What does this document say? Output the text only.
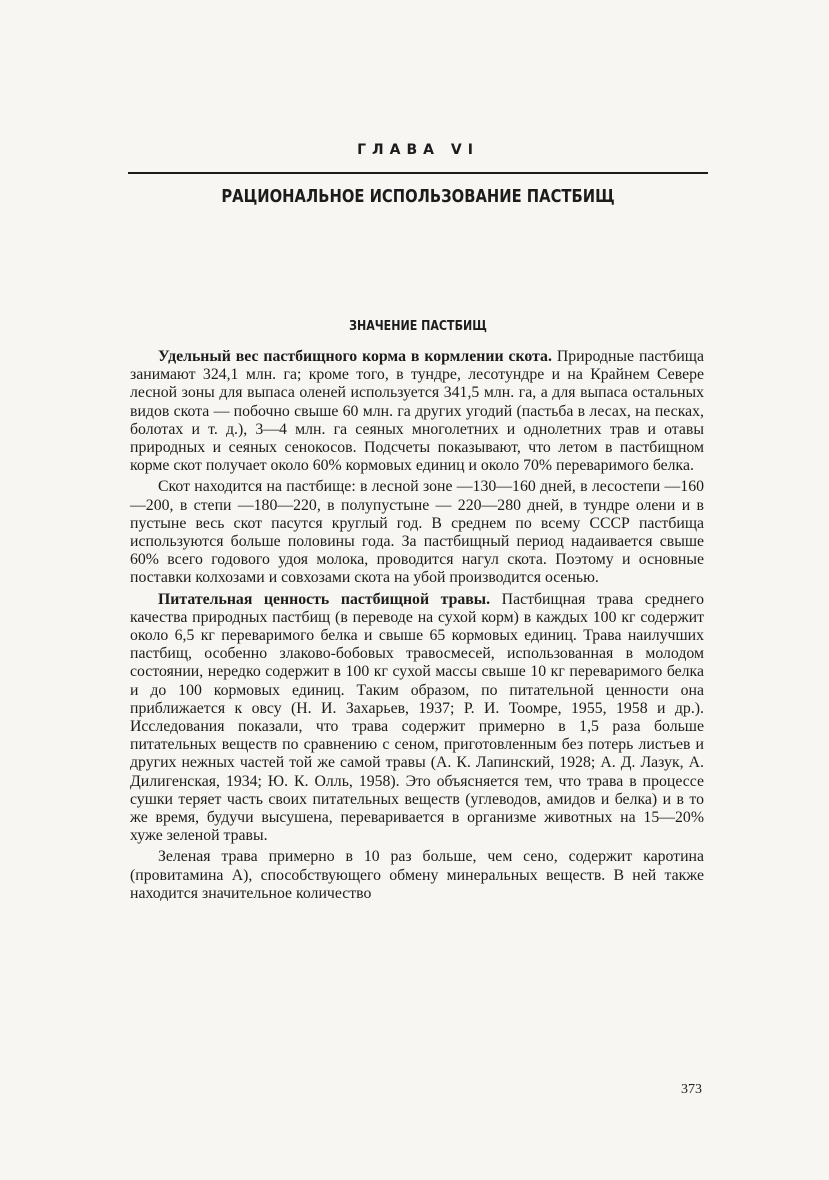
ГЛАВА VI
РАЦИОНАЛЬНОЕ ИСПОЛЬЗОВАНИЕ ПАСТБИЩ
ЗНАЧЕНИЕ ПАСТБИЩ

Удельный вес пастбищного корма в кормлении скота. Природные пастбища занимают 324,1 млн. га; кроме того, в тундре, лесотундре и на Крайнем Севере лесной зоны для выпаса оленей используется 341,5 млн. га, а для выпаса остальных видов скота — побочно свыше 60 млн. га других угодий (пастьба в лесах, на песках, болотах и т. д.), 3—4 млн. га сеяных многолетних и однолетних трав и отавы природных и сеяных сенокосов. Подсчеты показывают, что летом в пастбищном корме скот получает около 60% кормовых единиц и около 70% переваримого белка.

Скот находится на пастбище: в лесной зоне —130—160 дней, в лесостепи —160—200, в степи —180—220, в полупустыне — 220—280 дней, в тундре олени и в пустыне весь скот пасутся круглый год. В среднем по всему СССР пастбища используются больше половины года. За пастбищный период надаивается свыше 60% всего годового удоя молока, проводится нагул скота. Поэтому и основные поставки колхозами и совхозами скота на убой производится осенью.

Питательная ценность пастбищной травы. Пастбищная трава среднего качества природных пастбищ (в переводе на сухой корм) в каждых 100 кг содержит около 6,5 кг переваримого белка и свыше 65 кормовых единиц. Трава наилучших пастбищ, особенно злаково-бобовых травосмесей, использованная в молодом состоянии, нередко содержит в 100 кг сухой массы свыше 10 кг переваримого белка и до 100 кормовых единиц. Таким образом, по питательной ценности она приближается к овсу (Н. И. Захарьев, 1937; Р. И. Тоомре, 1955, 1958 и др.). Исследования показали, что трава содержит примерно в 1,5 раза больше питательных веществ по сравнению с сеном, приготовленным без потерь листьев и других нежных частей той же самой травы (А. К. Лапинский, 1928; А. Д. Лазук, А. Дилигенская, 1934; Ю. К. Олль, 1958). Это объясняется тем, что трава в процессе сушки теряет часть своих питательных веществ (углеводов, амидов и белка) и в то же время, будучи высушена, переваривается в организме животных на 15—20% хуже зеленой травы.

Зеленая трава примерно в 10 раз больше, чем сено, содержит каротина (провитамина А), способствующего обмену минеральных веществ. В ней также находится значительное количество

373
